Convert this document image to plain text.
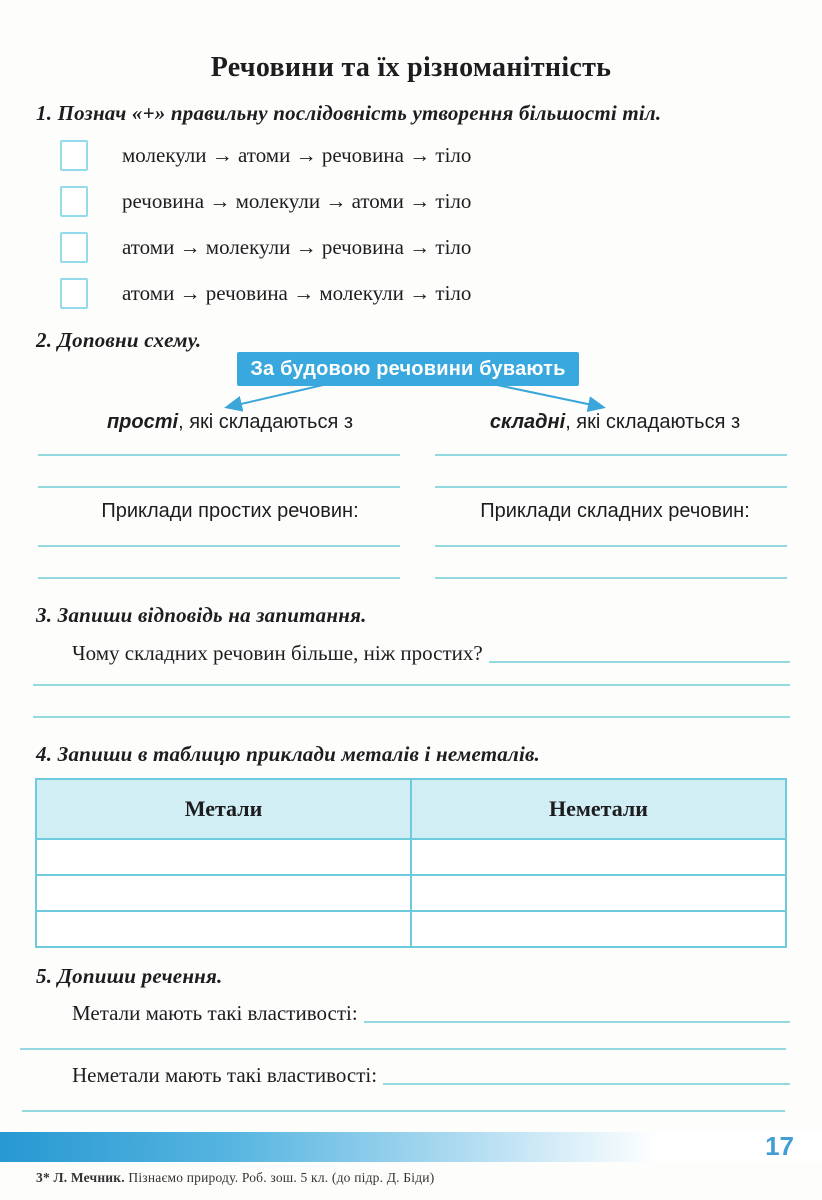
Речовини та їх різноманітність
1. Познач «+» правильну послідовність утворення більшості тіл.
молекули → атоми → речовина → тіло
речовина → молекули → атоми → тіло
атоми → молекули → речовина → тіло
атоми → речовина → молекули → тіло
2. Доповни схему.
За будовою речовини бувають
прості, які складаються з	складні, які складаються з
Приклади простих речовин:	Приклади складних речовин:
3. Запиши відповідь на запитання.
Чому складних речовин більше, ніж простих?
4. Запиши в таблицю приклади металів і неметалів.
Метали	Неметали

5. Допиши речення.
Метали мають такі властивості:
Неметали мають такі властивості:
17
3* Л. Мечник. Пізнаємо природу. Роб. зош. 5 кл. (до підр. Д. Біди)
